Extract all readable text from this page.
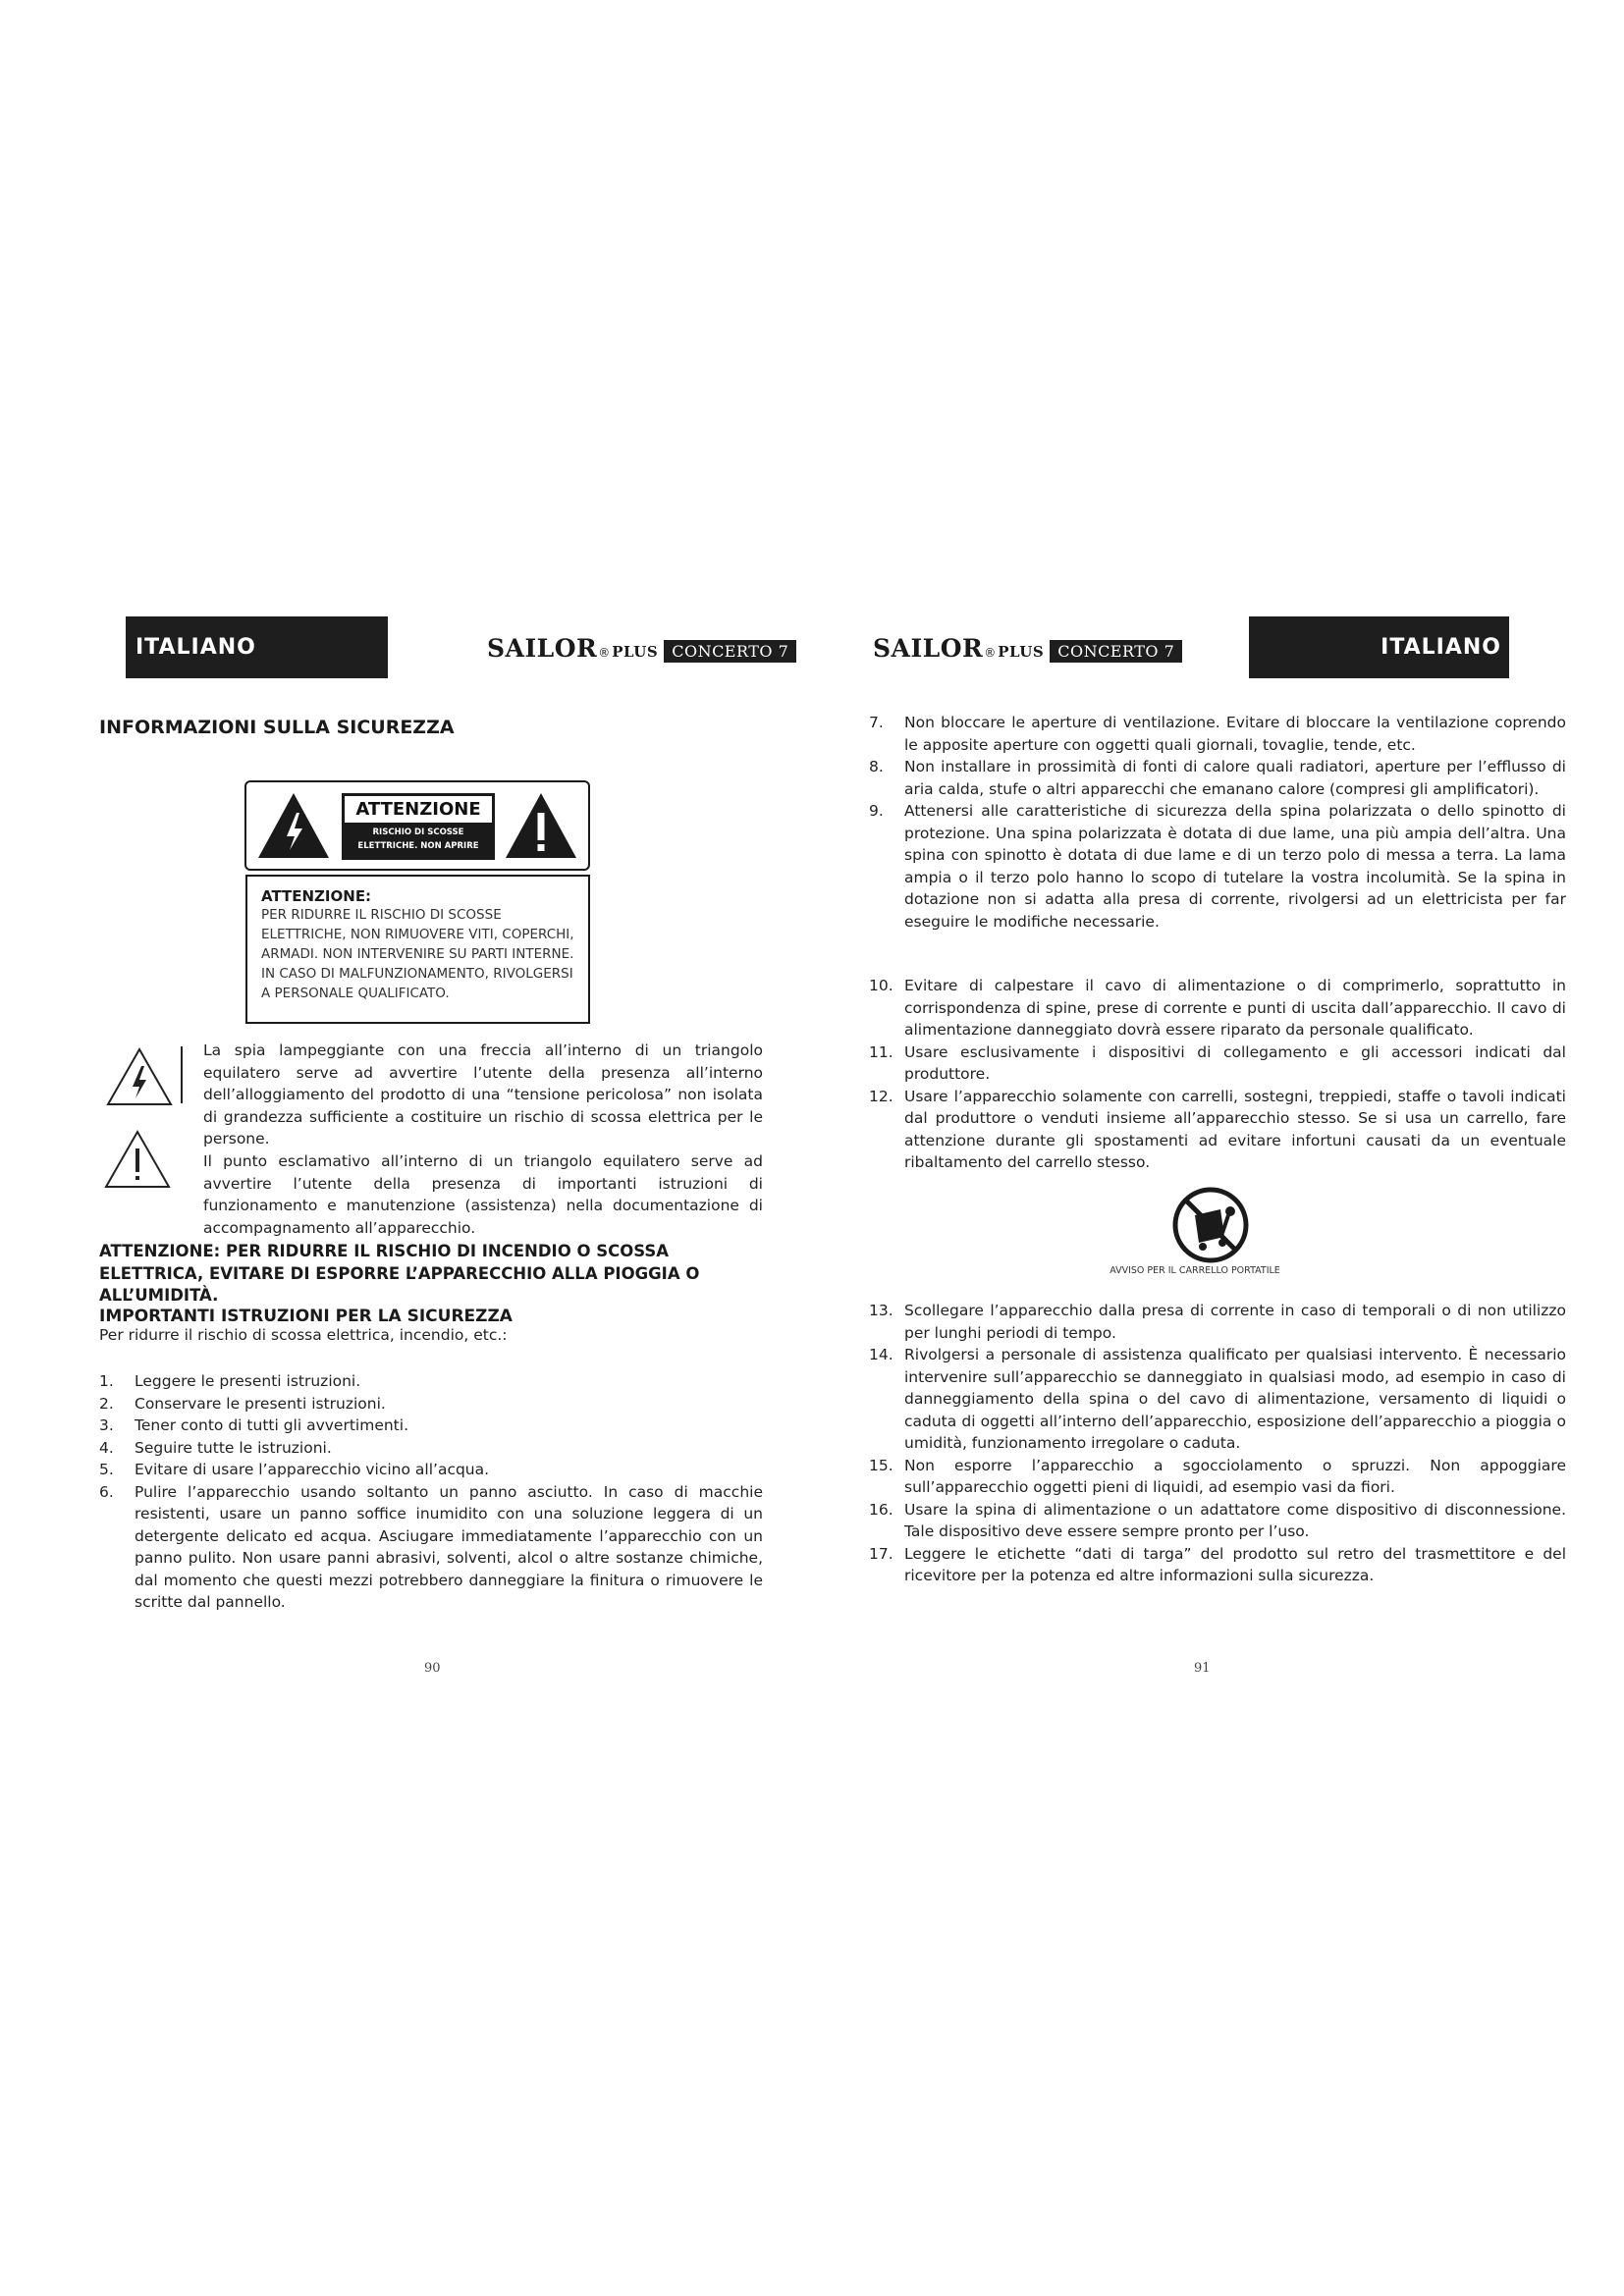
ITALIANO	SAILOR ® PLUS CONCERTO 7
INFORMAZIONI SULLA SICUREZZA
ATTENZIONE
RISCHIO DI SCOSSE
ELETTRICHE. NON APRIRE
ATTENZIONE:
PER RIDURRE IL RISCHIO DI SCOSSE ELETTRICHE, NON RIMUOVERE VITI, COPERCHI, ARMADI. NON INTERVENIRE SU PARTI INTERNE. IN CASO DI MALFUNZIONAMENTO, RIVOLGERSI A PERSONALE QUALIFICATO.

La spia lampeggiante con una freccia all’interno di un triangolo equilatero serve ad avvertire l’utente della presenza all’interno dell’alloggiamento del prodotto di una “tensione pericolosa” non isolata di grandezza sufficiente a costituire un rischio di scossa elettrica per le persone.

Il punto esclamativo all’interno di un triangolo equilatero serve ad avvertire l’utente della presenza di importanti istruzioni di funzionamento e manutenzione (assistenza) nella documentazione di accompagnamento all’apparecchio.

ATTENZIONE: PER RIDURRE IL RISCHIO DI INCENDIO O SCOSSA ELETTRICA, EVITARE DI ESPORRE L’APPARECCHIO ALLA PIOGGIA O ALL’UMIDITÀ.

IMPORTANTI ISTRUZIONI PER LA SICUREZZA

Per ridurre il rischio di scossa elettrica, incendio, etc.:

1. Leggere le presenti istruzioni.
2. Conservare le presenti istruzioni.
3. Tener conto di tutti gli avvertimenti.
4. Seguire tutte le istruzioni.
5. Evitare di usare l’apparecchio vicino all’acqua.
6. Pulire l’apparecchio usando soltanto un panno asciutto. In caso di macchie resistenti, usare un panno soffice inumidito con una soluzione leggera di un detergente delicato ed acqua. Asciugare immediatamente l’apparecchio con un panno pulito. Non usare panni abrasivi, solventi, alcol o altre sostanze chimiche, dal momento che questi mezzi potrebbero danneggiare la finitura o rimuovere le scritte dal pannello.

90

SAILOR ® PLUS CONCERTO 7	ITALIANO
7. Non bloccare le aperture di ventilazione. Evitare di bloccare la ventilazione coprendo le apposite aperture con oggetti quali giornali, tovaglie, tende, etc.
8. Non installare in prossimità di fonti di calore quali radiatori, aperture per l’efflusso di aria calda, stufe o altri apparecchi che emanano calore (compresi gli amplificatori).
9. Attenersi alle caratteristiche di sicurezza della spina polarizzata o dello spinotto di protezione. Una spina polarizzata è dotata di due lame, una più ampia dell’altra. Una spina con spinotto è dotata di due lame e di un terzo polo di messa a terra. La lama ampia o il terzo polo hanno lo scopo di tutelare la vostra incolumità. Se la spina in dotazione non si adatta alla presa di corrente, rivolgersi ad un elettricista per far eseguire le modifiche necessarie.
10. Evitare di calpestare il cavo di alimentazione o di comprimerlo, soprattutto in corrispondenza di spine, prese di corrente e punti di uscita dall’apparecchio. Il cavo di alimentazione danneggiato dovrà essere riparato da personale qualificato.
11. Usare esclusivamente i dispositivi di collegamento e gli accessori indicati dal produttore.
12. Usare l’apparecchio solamente con carrelli, sostegni, treppiedi, staffe o tavoli indicati dal produttore o venduti insieme all’apparecchio stesso. Se si usa un carrello, fare attenzione durante gli spostamenti ad evitare infortuni causati da un eventuale ribaltamento del carrello stesso.

AVVISO PER IL CARRELLO PORTATILE

13. Scollegare l’apparecchio dalla presa di corrente in caso di temporali o di non utilizzo per lunghi periodi di tempo.
14. Rivolgersi a personale di assistenza qualificato per qualsiasi intervento. È necessario intervenire sull’apparecchio se danneggiato in qualsiasi modo, ad esempio in caso di danneggiamento della spina o del cavo di alimentazione, versamento di liquidi o caduta di oggetti all’interno dell’apparecchio, esposizione dell’apparecchio a pioggia o umidità, funzionamento irregolare o caduta.
15. Non esporre l’apparecchio a sgocciolamento o spruzzi. Non appoggiare sull’apparecchio oggetti pieni di liquidi, ad esempio vasi da fiori.
16. Usare la spina di alimentazione o un adattatore come dispositivo di disconnessione. Tale dispositivo deve essere sempre pronto per l’uso.
17. Leggere le etichette “dati di targa” del prodotto sul retro del trasmettitore e del ricevitore per la potenza ed altre informazioni sulla sicurezza.

91
